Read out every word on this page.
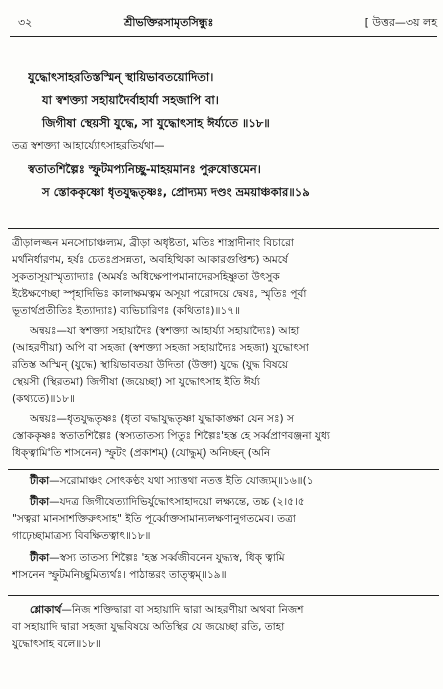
৩২	শ্রীভক্তিরসামৃতসিন্ধুঃ	[ উত্তর—৩য় লহ
যুদ্ধোৎসাহরতিস্তস্মিন্ স্থায়িভাবতয়োদিতা।
যা স্বশক্ত্যা সহায়াদৈর্বাহার্যা সহজাপি বা।
জিগীষা স্থেয়সী যুদ্ধে, সা যুদ্ধোৎসাহ ঈর্য্যতে ॥১৮॥
তত্র স্বশক্ত্যা আহার্য্যোৎসাহরতির্যথা—
স্বতাতশিল্পৈঃ স্ফুটমপ্যনিচ্ছু-মাহয়মানঃ পুরুষোত্তমেন।
স স্তোককৃষ্ণো ধৃতযুদ্ধতৃষ্ণঃ, প্রোদ্যম্য দণ্ডং ভ্রময়াঞ্চকার॥১৯
ত্রীড়ালজ্জন মনসোচাঞ্চল্যম, ব্রীড়া অধৃষ্টতা, মতিঃ শাস্ত্রাদীনাং বিচারো
মর্থনির্ধারণম, হর্ষঃ চেতঃপ্রসন্নতা, অবহিত্থিকা আকারগুপ্তিশ্চ) অমর্ষে
সুকতাসূয়াস্মৃত্যাদ্যাঃ (অমর্ষঃ অধিক্ষেপাপমানাদেরসহিষ্ণুতা উৎসুক
ইষ্টেক্ষণেচ্ছা স্পৃহাদিভিঃ কালাক্ষমত্বম অসূয়া পরোদয়ে দ্বেষঃ, স্মৃতিঃ পূর্বা
ভূতার্থপ্রতীতিঃ ইত্যাদ্যাঃ) ব্যভিচারিণঃ (কথিতাঃ)॥১৭॥
অন্বয়ঃ—যা স্বশক্ত্যা সহায়াদৈঃ (স্বশক্ত্যা আহার্য্যা সহায়াদ্যৈঃ) আহা
(আহরণীয়া) অপি বা সহজা (স্বশক্ত্যা সহজা সহায়াদ্যৈঃ সহজা) যুদ্ধোৎসা
রতিস্ত অস্মিন্ (যুদ্ধে) স্থায়িভাবতয়া উদিতা (উক্তা) যুদ্ধে (যুদ্ধ বিষয়ে
স্থেয়সী (স্থিরতমা) জিগীষা (জয়েচ্ছা) সা যুদ্ধোৎসাহ ইতি ঈর্য্য
(কথ্যতে)॥১৮॥
অন্বয়ঃ—ধৃতযুদ্ধতৃষ্ণঃ (ধৃতা বদ্ধাযুদ্ধতৃষ্ণা যুদ্ধাকাঙ্ক্ষা যেন সঃ) স
স্তোককৃষ্ণঃ স্বতাতশিল্পৈঃ (স্বস্যতাতস্য পিতুঃ শিল্পৈঃ'হস্ত হে সর্ব্বপ্রাণবঞ্জনা যুধ্য
ধিক্ত্বামি'তি শাসনেন) স্ফুটং (প্রকাশম্) (যোদ্ধুম্) অনিচ্ছন্ (অনি
টীকা—সরোমাঞ্চং সোৎকণ্ঠং যথা স্যাত্তথা নতত্ত ইতি যোজ্যম্॥১৬॥(১
টীকা—যদত্র জিগীষেত্যাদিভির্যুদ্ধোৎসাহাদয়ো লক্ষ্যন্তে, তচ্চ (২।৫।৫
"সত্বরা মানসাশক্তিরুৎসাহ" ইতি পূর্ব্বোক্তসামান্যলক্ষণানুগতমেব। তত্রা
গাঢ়েচ্ছামাত্রস্য বিবক্ষিতত্বাৎ॥১৮॥
টীকা—স্বস্য তাতস্য শিল্পৈঃ 'হস্ত সর্ব্বজীবনেন যুদ্ধ্যস্ব, ধিক্ ত্বামি
শাসনেন স্ফুটমনিচ্ছুমিত্যর্থঃ। পাঠান্তরং তাত্ত্বম্॥১৯॥
শ্লোকার্থ—নিজ শক্তিদ্বারা বা সহায়াদি দ্বারা আহরণীয়া অথবা নিজশ
বা সহায়াদি দ্বারা সহজা যুদ্ধবিষয়ে অতিস্থির যে জয়েচ্ছা রতি, তাহা
যুদ্ধোৎসাহ বলে॥১৮॥
